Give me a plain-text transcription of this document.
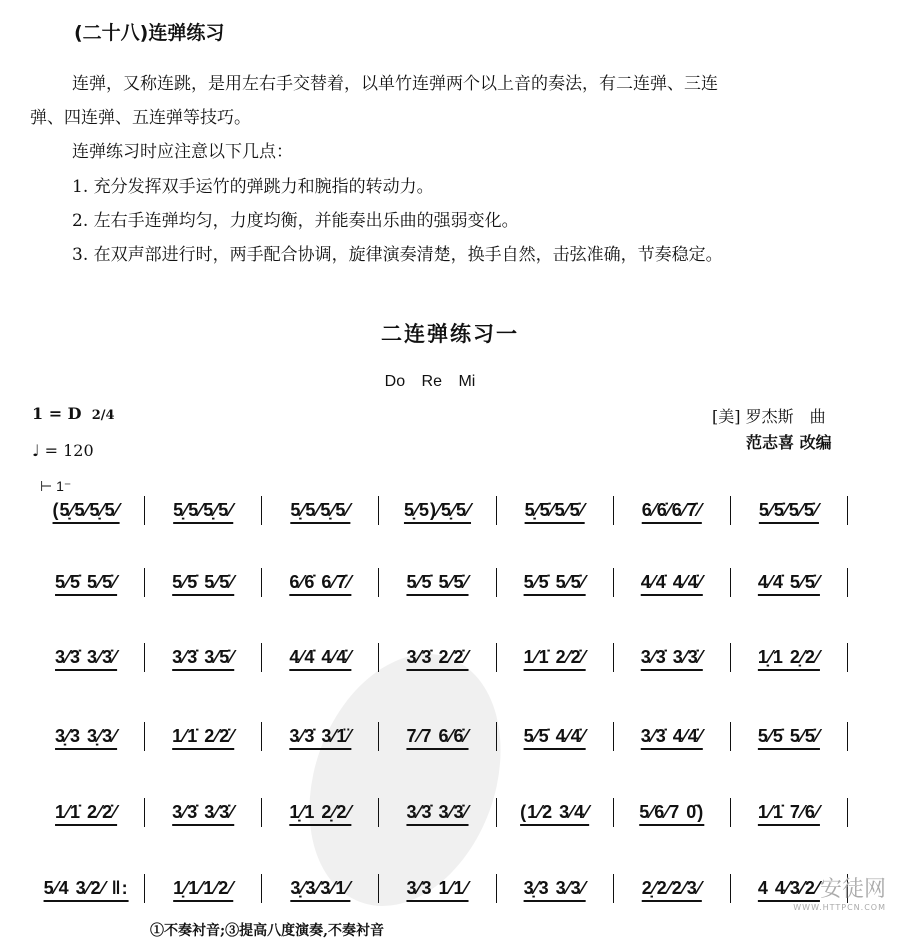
(二十八)连弹练习
连弹，又称连跳，是用左右手交替着，以单竹连弹两个以上音的奏法，有二连弹、三连
弹、四连弹、五连弹等技巧。
连弹练习时应注意以下几点：
1. 充分发挥双手运竹的弹跳力和腕指的转动力。
2. 左右手连弹均匀，力度均衡，并能奏出乐曲的强弱变化。
3. 在双声部进行时，两手配合协调，旋律演奏清楚，换手自然，击弦准确，节奏稳定。
二连弹练习一
Do Re Mi
1 = D 2/4
♩ = 120
[美] 罗杰斯　曲
范志喜 改编
⊢ 1⁻
(5̣⁄5⁄5̣⁄5⁄	5̣⁄5⁄5̣⁄5⁄	5̣⁄5⁄5̣⁄5⁄	5̣⁄5)⁄5̣⁄5⁄	5̣⁄5̇⁄5⁄5̇⁄	6⁄6̇⁄6⁄7̇⁄	5⁄5̇⁄5⁄5̇⁄
5⁄5̇ 5⁄5̇⁄	5⁄5̇ 5⁄5̇⁄	6⁄6̇ 6⁄7̇⁄	5⁄5̇ 5⁄5̇⁄	5⁄5̇ 5⁄5̇⁄	4⁄4̇ 4⁄4̇⁄	4⁄4̇ 5⁄5̇⁄
3⁄3̇ 3⁄3̇⁄	3⁄3̇ 3⁄5̇⁄	4⁄4̇ 4⁄4̇⁄	3⁄3̇ 2⁄2̇⁄	1⁄1̇ 2⁄2̇⁄	3⁄3̇ 3⁄3̇⁄	1̣⁄1 2̣⁄2⁄
3̣⁄3 3̣⁄3⁄	1⁄1̇ 2⁄2̇⁄	3⁄3̇ 3⁄1̈⁄	7⁄7 6⁄6̇⁄	5⁄5̇ 4⁄4̇⁄	3⁄3̇ 4⁄4̇⁄	5⁄5̇ 5⁄5̇⁄
1⁄1̇ 2⁄2̇⁄	3⁄3̇ 3⁄3̇⁄	1̣⁄1 2̣⁄2⁄	3⁄3̇ 3⁄3̇⁄	(1⁄2 3⁄4⁄	5⁄6⁄7 0̑)	1⁄1̇ 7⁄6⁄
5⁄4 3⁄2⁄ ‖:	1̣⁄1⁄1⁄2⁄	3̣⁄3⁄3⁄1⁄	3⁄3 1⁄1⁄	3̣⁄3 3⁄3⁄	2̣⁄2⁄2⁄3⁄	4 4⁄3⁄2⁄
①不奏衬音;③提高八度演奏,不奏衬音
安徒网
WWW.HTTPCN.COM
